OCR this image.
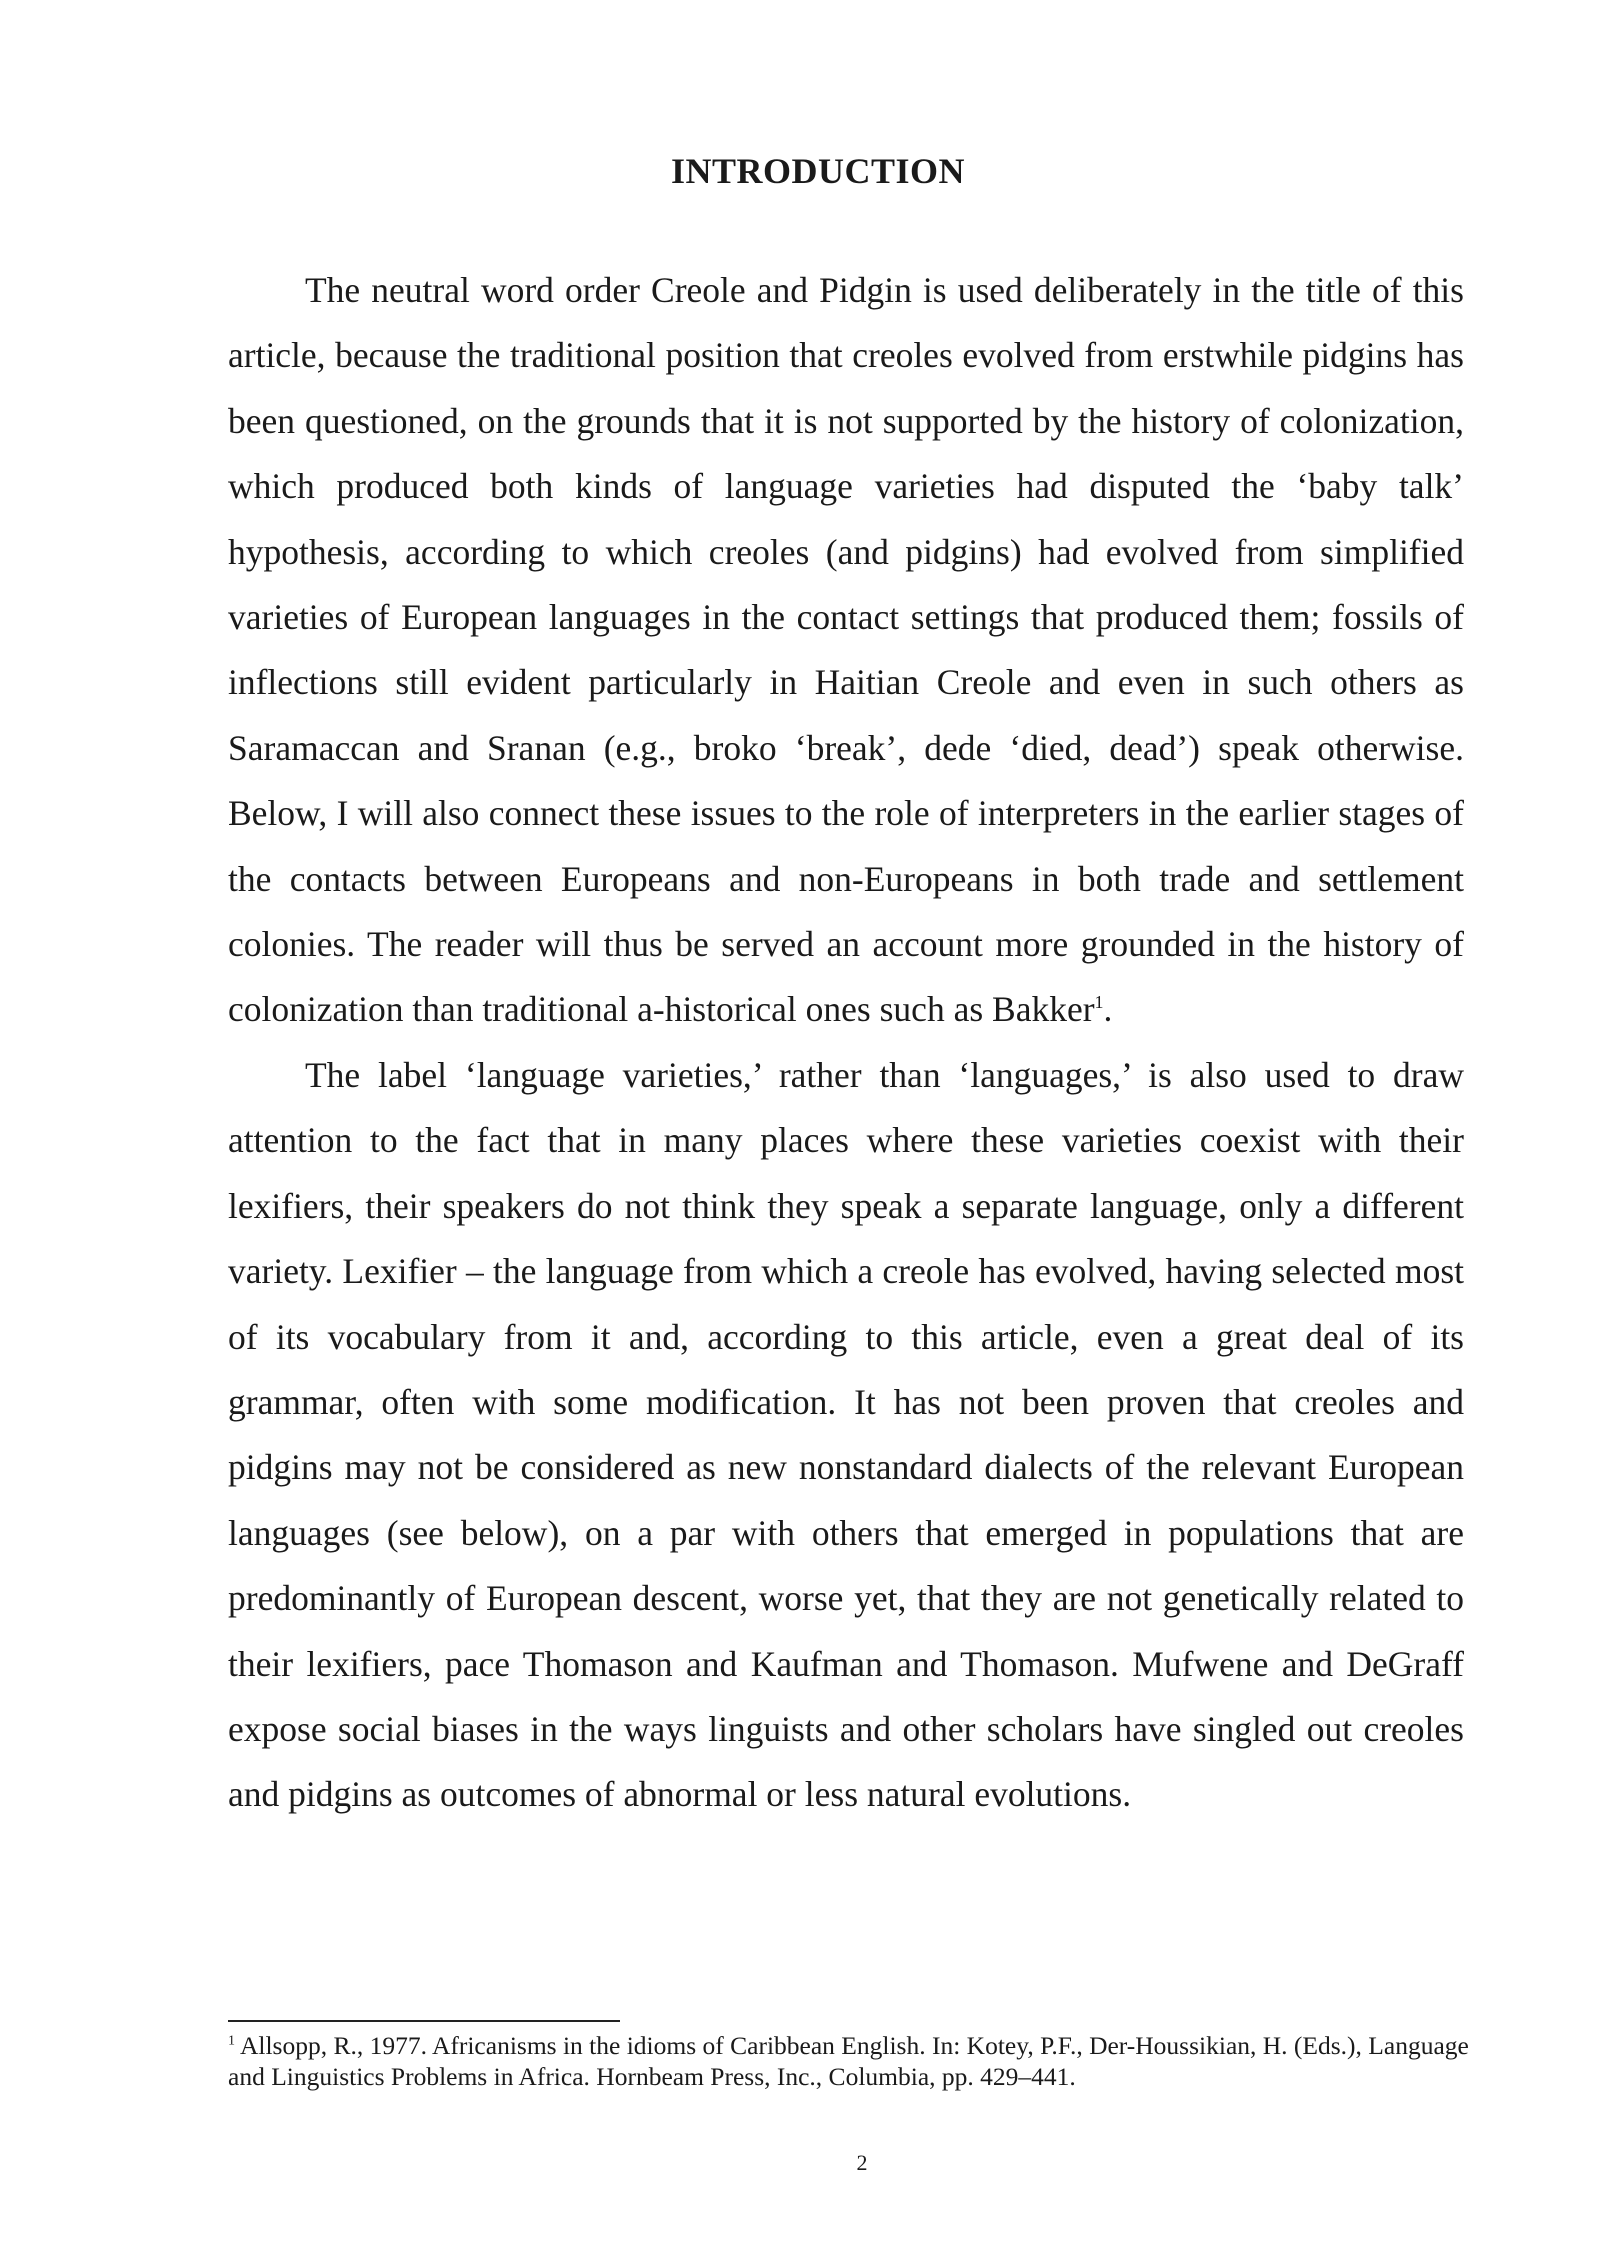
INTRODUCTION

The neutral word order Creole and Pidgin is used deliberately in the title of this article, because the traditional position that creoles evolved from erstwhile pidgins has been questioned, on the grounds that it is not supported by the history of colonization, which produced both kinds of language varieties had disputed the ‘baby talk’ hypothesis, according to which creoles (and pidgins) had evolved from simplified varieties of European languages in the contact settings that produced them; fossils of inflections still evident particularly in Haitian Creole and even in such others as Saramaccan and Sranan (e.g., broko ‘break’, dede ‘died, dead’) speak otherwise. Below, I will also connect these issues to the role of interpreters in the earlier stages of the contacts between Europeans and non-Europeans in both trade and settlement colonies. The reader will thus be served an account more grounded in the history of colonization than traditional a-historical ones such as Bakker$^1$.

The label ‘language varieties,’ rather than ‘languages,’ is also used to draw attention to the fact that in many places where these varieties coexist with their lexifiers, their speakers do not think they speak a separate language, only a different variety. Lexifier – the language from which a creole has evolved, having selected most of its vocabulary from it and, according to this article, even a great deal of its grammar, often with some modification. It has not been proven that creoles and pidgins may not be considered as new nonstandard dialects of the relevant European languages (see below), on a par with others that emerged in populations that are predominantly of European descent, worse yet, that they are not genetically related to their lexifiers, pace Thomason and Kaufman and Thomason. Mufwene and DeGraff expose social biases in the ways linguists and other scholars have singled out creoles and pidgins as outcomes of abnormal or less natural evolutions.

$^1$ Allsopp, R., 1977. Africanisms in the idioms of Caribbean English. In: Kotey, P.F., Der-Houssikian, H. (Eds.), Language and Linguistics Problems in Africa. Hornbeam Press, Inc., Columbia, pp. 429–441.
2
